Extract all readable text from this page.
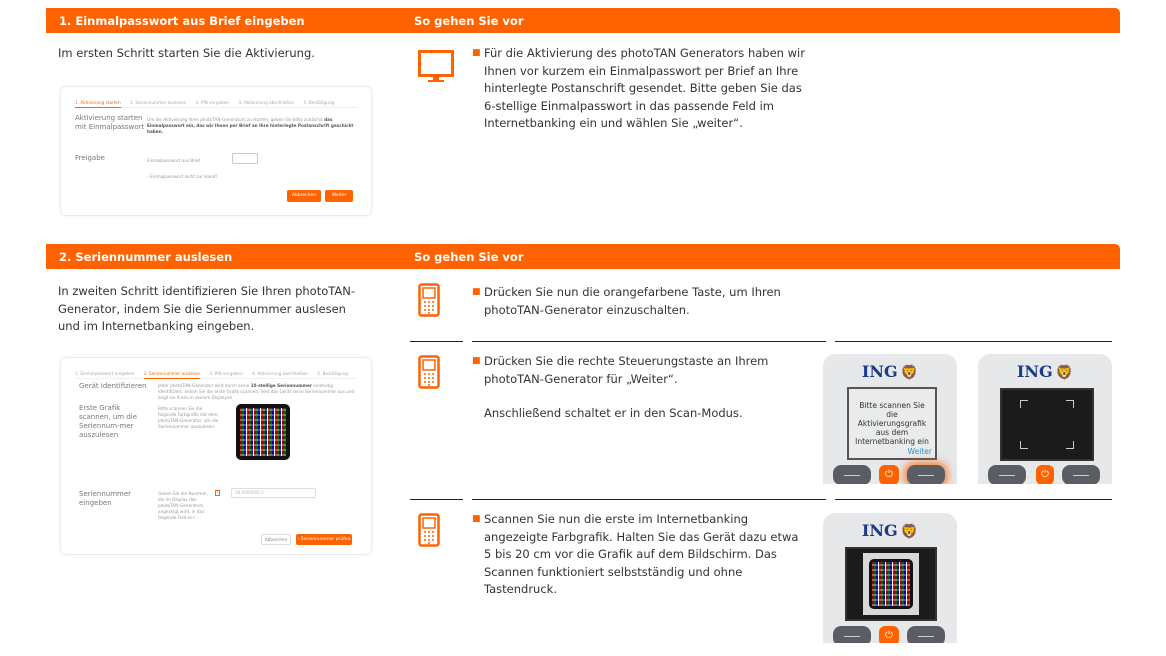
1. Einmalpasswort aus Brief eingeben	So gehen Sie vor
Im ersten Schritt starten Sie die Aktivierung.
1. Aktivierung starten 2. Seriennummer auslesen 3. PIN vergeben 4. Aktivierung abschließen 5. Bestätigung
Aktivierung starten mit Einmalpasswort
Um die Aktivierung Ihres photoTAN-Generators zu starten, geben Sie bitte zunächst das Einmalpasswort ein, das wir Ihnen per Brief an Ihre hinterlegte Postanschrift geschickt haben.
Freigabe	Einmalpasswort aus Brief
› Einmalpasswort nicht zur Hand?
Abbrechen	Weiter
■ Für die Aktivierung des photoTAN Generators haben wir Ihnen vor kurzem ein Einmalpasswort per Brief an Ihre hinterlegte Postanschrift gesendet. Bitte geben Sie das 6-stellige Einmalpasswort in das passende Feld im Internetbanking ein und wählen Sie „weiter“.
2. Seriennummer auslesen	So gehen Sie vor
In zweiten Schritt identifizieren Sie Ihren photoTAN-Generator, indem Sie die Seriennummer auslesen und im Internetbanking eingeben.
1. Einmalpasswort eingeben 2. Seriennummer auslesen 3. PIN vergeben 4. Aktivierung abschließen 5. Bestätigung
Gerät identifizieren	Jeder photoTAN-Generator wird durch seine 10-stellige Seriennummer eindeutig identifiziert. Indem Sie die erste Grafik scannen, liest das Gerät seine Seriennummer aus und zeigt sie Ihnen in seinem Displayan.
Erste Grafik scannen, um die Seriennum-mer auszulesen
Bitte scannen Sie die folgende Farbgrafik mit dem photoTAN-Generator, um die Seriennummer auszulesen:
Seriennummer eingeben
Geben Sie die Nummer, die im Display des photoTAN-Generators angezeigt wird, in das folgende Feld ein:
i	SN 0000000 X
Abbrechen	› Seriennummer prüfen
■ Drücken Sie nun die orangefarbene Taste, um Ihren photoTAN-Generator einzuschalten.
■ Drücken Sie die rechte Steuerungstaste an Ihrem photoTAN-Generator für „Weiter“.
Anschließend schaltet er in den Scan-Modus.
ING 🦁
Bitte scannen Sie die Aktivierungsgrafik aus dem Internetbanking ein
Weiter
⏻
ING 🦁
⏻
■ Scannen Sie nun die erste im Internetbanking angezeigte Farbgrafik. Halten Sie das Gerät dazu etwa 5 bis 20 cm vor die Grafik auf dem Bildschirm. Das Scannen funktioniert selbstständig und ohne Tastendruck.
ING 🦁
⏻
